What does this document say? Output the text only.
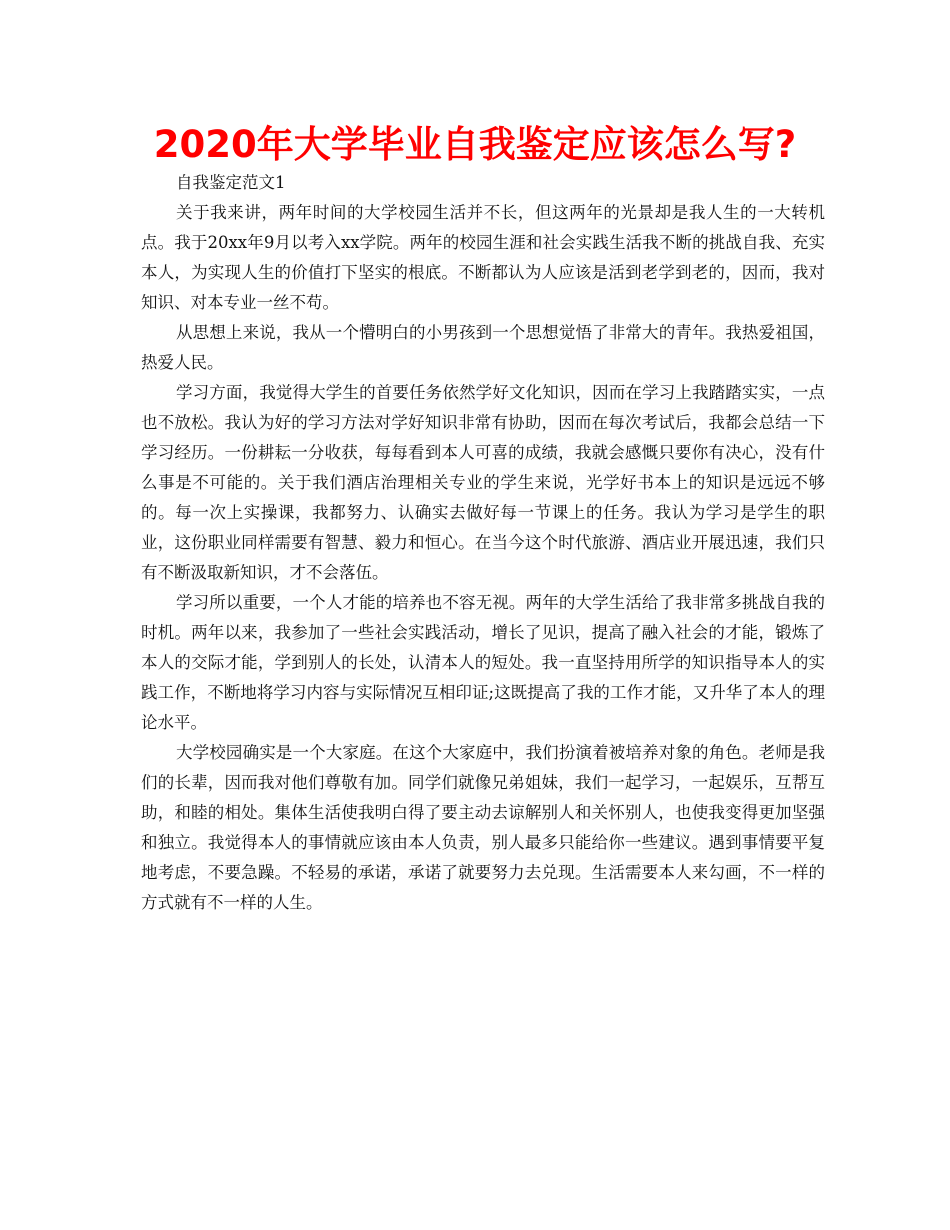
2020年大学毕业自我鉴定应该怎么写?

自我鉴定范文1

关于我来讲，两年时间的大学校园生活并不长，但这两年的光景却是我人生的一大转机点。我于20xx年9月以考入xx学院。两年的校园生涯和社会实践生活我不断的挑战自我、充实本人，为实现人生的价值打下坚实的根底。不断都认为人应该是活到老学到老的，因而，我对知识、对本专业一丝不苟。

从思想上来说，我从一个懵明白的小男孩到一个思想觉悟了非常大的青年。我热爱祖国，热爱人民。

学习方面，我觉得大学生的首要任务依然学好文化知识，因而在学习上我踏踏实实，一点也不放松。我认为好的学习方法对学好知识非常有协助，因而在每次考试后，我都会总结一下学习经历。一份耕耘一分收获，每每看到本人可喜的成绩，我就会感慨只要你有决心，没有什么事是不可能的。关于我们酒店治理相关专业的学生来说，光学好书本上的知识是远远不够的。每一次上实操课，我都努力、认确实去做好每一节课上的任务。我认为学习是学生的职业，这份职业同样需要有智慧、毅力和恒心。在当今这个时代旅游、酒店业开展迅速，我们只有不断汲取新知识，才不会落伍。

学习所以重要，一个人才能的培养也不容无视。两年的大学生活给了我非常多挑战自我的时机。两年以来，我参加了一些社会实践活动，增长了见识，提高了融入社会的才能，锻炼了本人的交际才能，学到别人的长处，认清本人的短处。我一直坚持用所学的知识指导本人的实践工作，不断地将学习内容与实际情况互相印证;这既提高了我的工作才能，又升华了本人的理论水平。

大学校园确实是一个大家庭。在这个大家庭中，我们扮演着被培养对象的角色。老师是我们的长辈，因而我对他们尊敬有加。同学们就像兄弟姐妹，我们一起学习，一起娱乐，互帮互助，和睦的相处。集体生活使我明白得了要主动去谅解别人和关怀别人，也使我变得更加坚强和独立。我觉得本人的事情就应该由本人负责，别人最多只能给你一些建议。遇到事情要平复地考虑，不要急躁。不轻易的承诺，承诺了就要努力去兑现。生活需要本人来勾画，不一样的方式就有不一样的人生。
